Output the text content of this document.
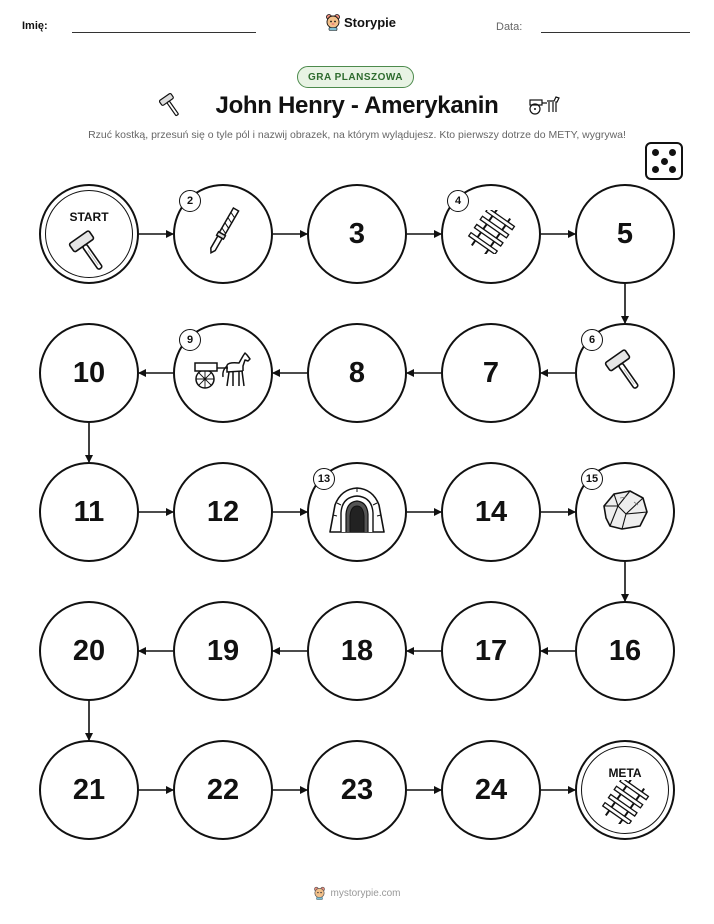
Imię:	Storypie	Data:
GRA PLANSZOWA
John Henry - Amerykanin
Rzuć kostką, przesuń się o tyle pól i nazwij obrazek, na którym wylądujesz. Kto pierwszy dotrze do METY, wygrywa!
START
2
3
4
5
6
7
8
9
10
11	12
13
14
15
16
17
18
19
20
21	22	23	24
META
mystorypie.com
